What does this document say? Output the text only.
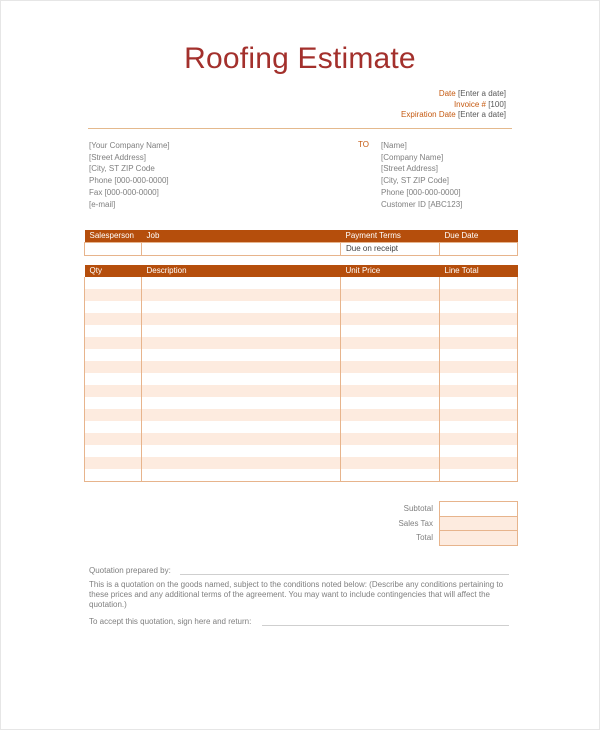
Roofing Estimate
Date [Enter a date]
Invoice # [100]
Expiration Date [Enter a date]
[Your Company Name]
[Street Address]
[City, ST ZIP Code
Phone [000-000-0000]
Fax [000-000-0000]
[e-mail]
TO [Name]
[Company Name]
[Street Address]
[City, ST ZIP Code]
Phone [000-000-0000]
Customer ID [ABC123]
Salesperson	Job	Payment Terms	Due Date
		Due on receipt	
Qty	Description	Unit Price	Line Total

Subtotal
Sales Tax
Total
Quotation prepared by:
This is a quotation on the goods named, subject to the conditions noted below: (Describe any conditions pertaining to these prices and any additional terms of the agreement. You may want to include contingencies that will affect the quotation.)
To accept this quotation, sign here and return:
